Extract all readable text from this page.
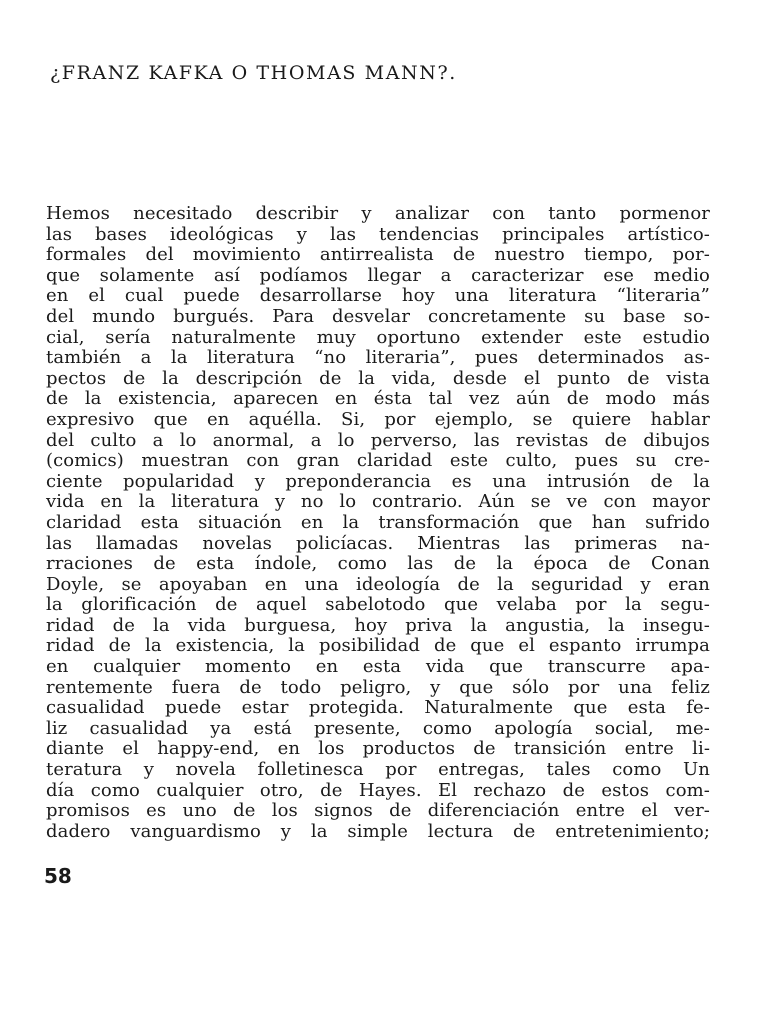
¿FRANZ KAFKA O THOMAS MANN?.
Hemos necesitado describir y analizar con tanto pormenor
las bases ideológicas y las tendencias principales artístico-
formales del movimiento antirrealista de nuestro tiempo, por-
que solamente así podíamos llegar a caracterizar ese medio
en el cual puede desarrollarse hoy una literatura “literaria”
del mundo burgués. Para desvelar concretamente su base so-
cial, sería naturalmente muy oportuno extender este estudio
también a la literatura “no literaria”, pues determinados as-
pectos de la descripción de la vida, desde el punto de vista
de la existencia, aparecen en ésta tal vez aún de modo más
expresivo que en aquélla. Si, por ejemplo, se quiere hablar
del culto a lo anormal, a lo perverso, las revistas de dibujos
(comics) muestran con gran claridad este culto, pues su cre-
ciente popularidad y preponderancia es una intrusión de la
vida en la literatura y no lo contrario. Aún se ve con mayor
claridad esta situación en la transformación que han sufrido
las llamadas novelas policíacas. Mientras las primeras na-
rraciones de esta índole, como las de la época de Conan
Doyle, se apoyaban en una ideología de la seguridad y eran
la glorificación de aquel sabelotodo que velaba por la segu-
ridad de la vida burguesa, hoy priva la angustia, la insegu-
ridad de la existencia, la posibilidad de que el espanto irrumpa
en cualquier momento en esta vida que transcurre apa-
rentemente fuera de todo peligro, y que sólo por una feliz
casualidad puede estar protegida. Naturalmente que esta fe-
liz casualidad ya está presente, como apología social, me-
diante el happy-end, en los productos de transición entre li-
teratura y novela folletinesca por entregas, tales como Un
día como cualquier otro, de Hayes. El rechazo de estos com-
promisos es uno de los signos de diferenciación entre el ver-
dadero vanguardismo y la simple lectura de entretenimiento;
58
